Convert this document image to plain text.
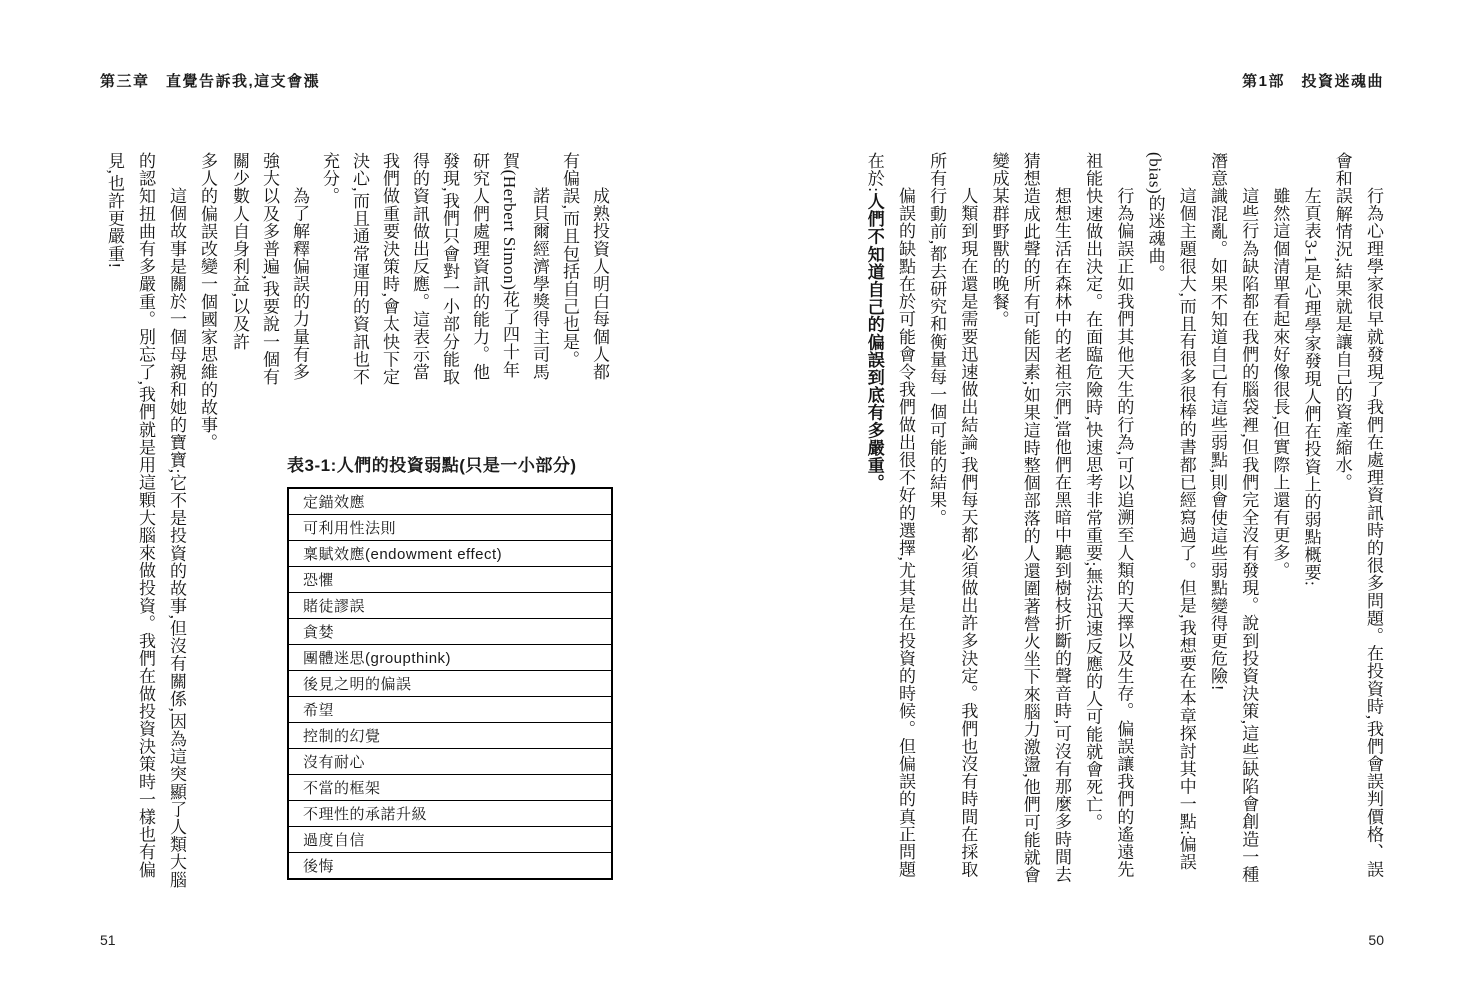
第三章　直覺告訴我,這支會漲

成熟投資人明白每個人都有偏誤,而且包括自己也是。

諾貝爾經濟學獎得主司馬賀(Herbert Simon)花了四十年研究人們處理資訊的能力。他發現,我們只會對一小部分能取得的資訊做出反應。這表示當我們做重要決策時,會太快下定決心,而且通常運用的資訊也不充分。

為了解釋偏誤的力量有多強大以及多普遍,我要說一個有關少數人自身利益,以及許

多人的偏誤改變一個國家思維的故事。

這個故事是關於一個母親和她的寶寶;它不是投資的故事,但沒有關係,因為這突顯了人類大腦的認知扭曲有多嚴重。別忘了,我們就是用這顆大腦來做投資。我們在做投資決策時一樣也有偏見,也許更嚴重!

表3-1:人們的投資弱點(只是一小部分)
定錨效應
可利用性法則
稟賦效應(endowment effect)
恐懼
賭徒謬誤
貪婪
團體迷思(groupthink)
後見之明的偏誤
希望
控制的幻覺
沒有耐心
不當的框架
不理性的承諾升級
過度自信
後悔
51
第1部　投資迷魂曲

行為心理學家很早就發現了我們在處理資訊時的很多問題。在投資時,我們會誤判價格、誤會和誤解情況,結果就是讓自己的資產縮水。

左頁表3-1是心理學家發現人們在投資上的弱點概要:

雖然這個清單看起來好像很長,但實際上還有更多。

這些行為缺陷都在我們的腦袋裡,但我們完全沒有發現。說到投資決策,這些缺陷會創造一種潛意識混亂。如果不知道自己有這些弱點,則會使這些弱點變得更危險!

這個主題很大,而且有很多很棒的書都已經寫過了。但是,我想要在本章探討其中一點:偏誤(bias)的迷魂曲。

行為偏誤正如我們其他天生的行為,可以追溯至人類的天擇以及生存。偏誤讓我們的遙遠先祖能快速做出決定。在面臨危險時,快速思考非常重要;無法迅速反應的人可能就會死亡。

想想生活在森林中的老祖宗們,當他們在黑暗中聽到樹枝折斷的聲音時,可沒有那麼多時間去猜想造成此聲的所有可能因素;如果這時整個部落的人還圍著營火坐下來腦力激盪,他們可能就會變成某群野獸的晚餐。

人類到現在還是需要迅速做出結論,我們每天都必須做出許多決定。我們也沒有時間在採取所有行動前,都去研究和衡量每一個可能的結果。

偏誤的缺點在於可能會令我們做出很不好的選擇,尤其是在投資的時候。但偏誤的真正問題在於:人們不知道自己的偏誤到底有多嚴重。

50
